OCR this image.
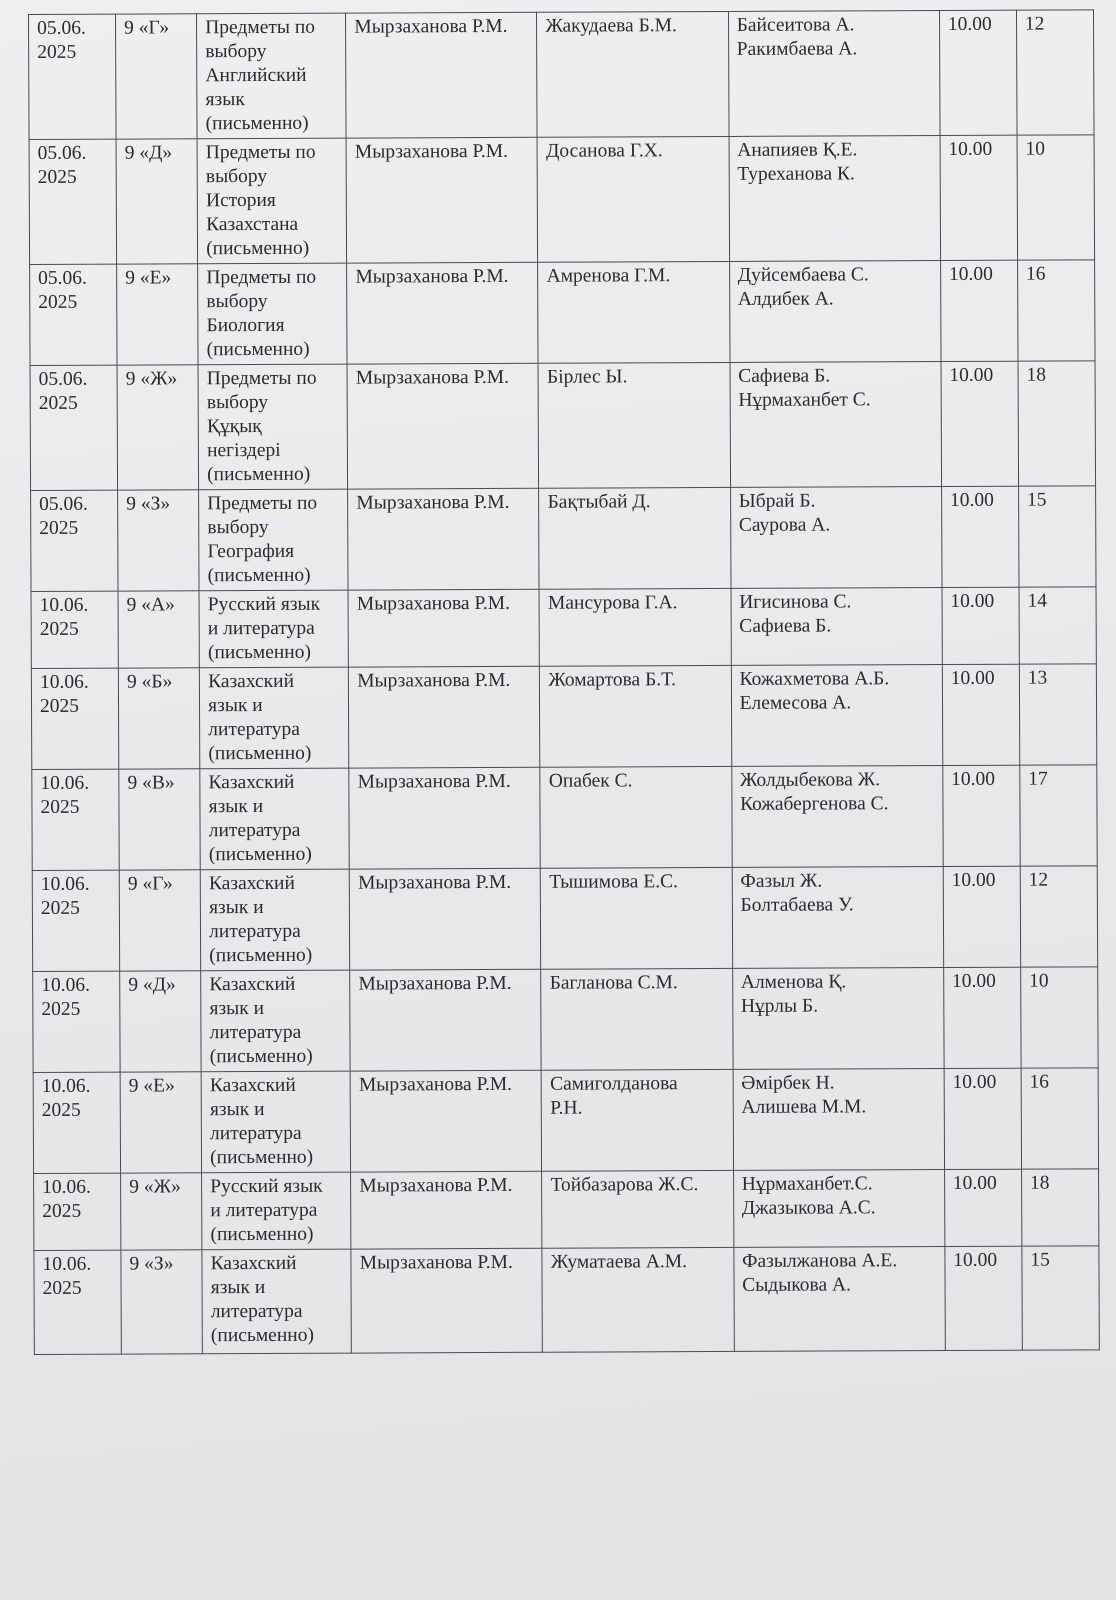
05.06.
2025	9 «Г»	Предметы по
выбору
Английский
язык
(письменно)	Мырзаханова Р.М.	Жакудаева Б.М.	Байсеитова А.
Ракимбаева А.	10.00	12

05.06.
2025	9 «Д»	Предметы по
выбору
История
Казахстана
(письменно)	Мырзаханова Р.М.	Досанова Г.Х.	Анапияев Қ.Е.
Туреханова К.	10.00	10

05.06.
2025	9 «Е»	Предметы по
выбору
Биология
(письменно)	Мырзаханова Р.М.	Амренова Г.М.	Дуйсембаева С.
Алдибек А.	10.00	16

05.06.
2025	9 «Ж»	Предметы по
выбору
Құқық
негіздері
(письменно)	Мырзаханова Р.М.	Бірлес Ы.	Сафиева Б.
Нұрмаханбет С.	10.00	18

05.06.
2025	9 «З»	Предметы по
выбору
География
(письменно)	Мырзаханова Р.М.	Бақтыбай Д.	Ыбрай Б.
Саурова А.	10.00	15

10.06.
2025	9 «А»	Русский язык
и литература
(письменно)	Мырзаханова Р.М.	Мансурова Г.А.	Игисинова С.
Сафиева Б.	10.00	14

10.06.
2025	9 «Б»	Казахский
язык и
литература
(письменно)	Мырзаханова Р.М.	Жомартова Б.Т.	Кожахметова А.Б.
Елемесова А.	10.00	13

10.06.
2025	9 «В»	Казахский
язык и
литература
(письменно)	Мырзаханова Р.М.	Опабек С.	Жолдыбекова Ж.
Кожабергенова С.	10.00	17

10.06.
2025	9 «Г»	Казахский
язык и
литература
(письменно)	Мырзаханова Р.М.	Тышимова Е.С.	Фазыл Ж.
Болтабаева У.	10.00	12

10.06.
2025	9 «Д»	Казахский
язык и
литература
(письменно)	Мырзаханова Р.М.	Багланова С.М.	Алменова Қ.
Нұрлы Б.	10.00	10

10.06.
2025	9 «Е»	Казахский
язык и
литература
(письменно)	Мырзаханова Р.М.	Самиголданова
Р.Н.	Әмірбек Н.
Алишева М.М.	10.00	16

10.06.
2025	9 «Ж»	Русский язык
и литература
(письменно)	Мырзаханова Р.М.	Тойбазарова Ж.С.	Нұрмаханбет.С.
Джазыкова А.С.	10.00	18

10.06.
2025	9 «З»	Казахский
язык и
литература
(письменно)	Мырзаханова Р.М.	Жуматаева А.М.	Фазылжанова А.Е.
Сыдыкова А.	10.00	15
